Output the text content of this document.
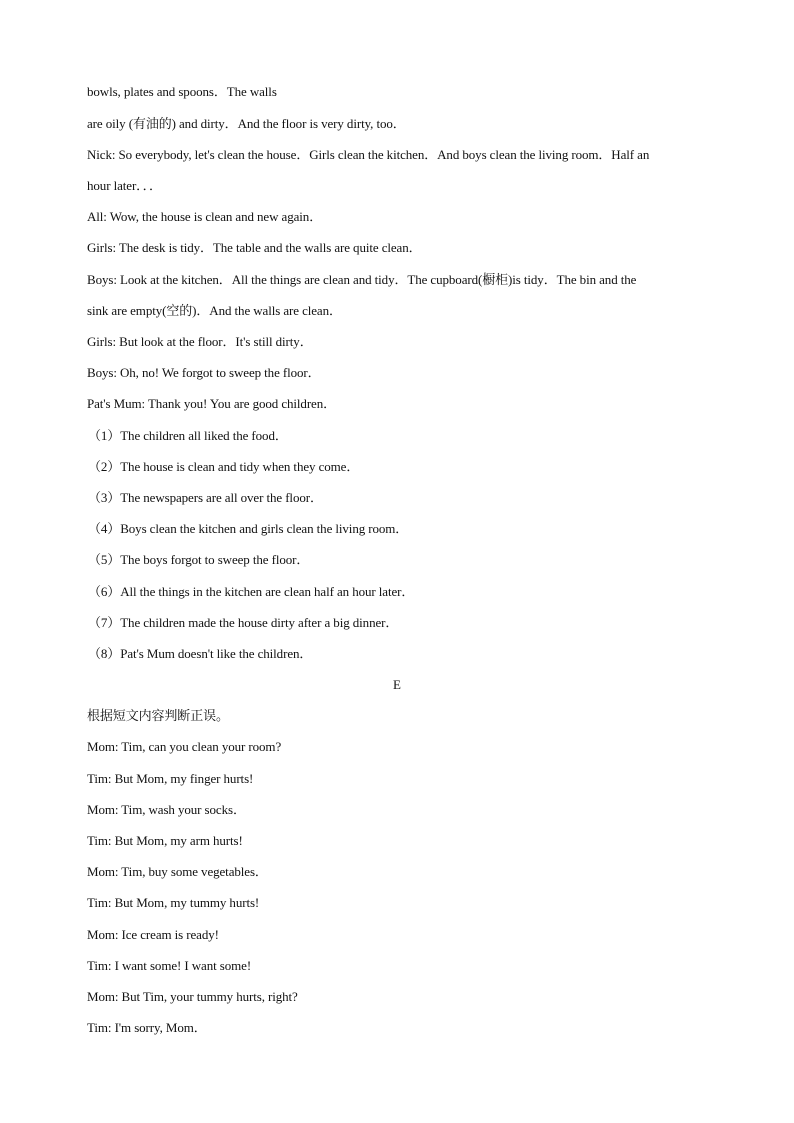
bowls, plates and spoons．The walls
are oily (有油的) and dirty．And the floor is very dirty, too．
Nick: So everybody, let's clean the house．Girls clean the kitchen．And boys clean the living room．Half an
hour later．．．
All: Wow, the house is clean and new again．
Girls: The desk is tidy．The table and the walls are quite clean．
Boys: Look at the kitchen．All the things are clean and tidy．The cupboard(橱柜)is tidy．The bin and the
sink are empty(空的)．And the walls are clean．
Girls: But look at the floor．It's still dirty．
Boys: Oh, no! We forgot to sweep the floor．
Pat's Mum: Thank you! You are good children．
（1）The children all liked the food．
（2）The house is clean and tidy when they come．
（3）The newspapers are all over the floor．
（4）Boys clean the kitchen and girls clean the living room．
（5）The boys forgot to sweep the floor．
（6）All the things in the kitchen are clean half an hour later．
（7）The children made the house dirty after a big dinner．
（8）Pat's Mum doesn't like the children．
E
根据短文内容判断正误。
Mom: Tim, can you clean your room?
Tim: But Mom, my finger hurts!
Mom: Tim, wash your socks．
Tim: But Mom, my arm hurts!
Mom: Tim, buy some vegetables．
Tim: But Mom, my tummy hurts!
Mom: Ice cream is ready!
Tim: I want some! I want some!
Mom: But Tim, your tummy hurts, right?
Tim: I'm sorry, Mom．
